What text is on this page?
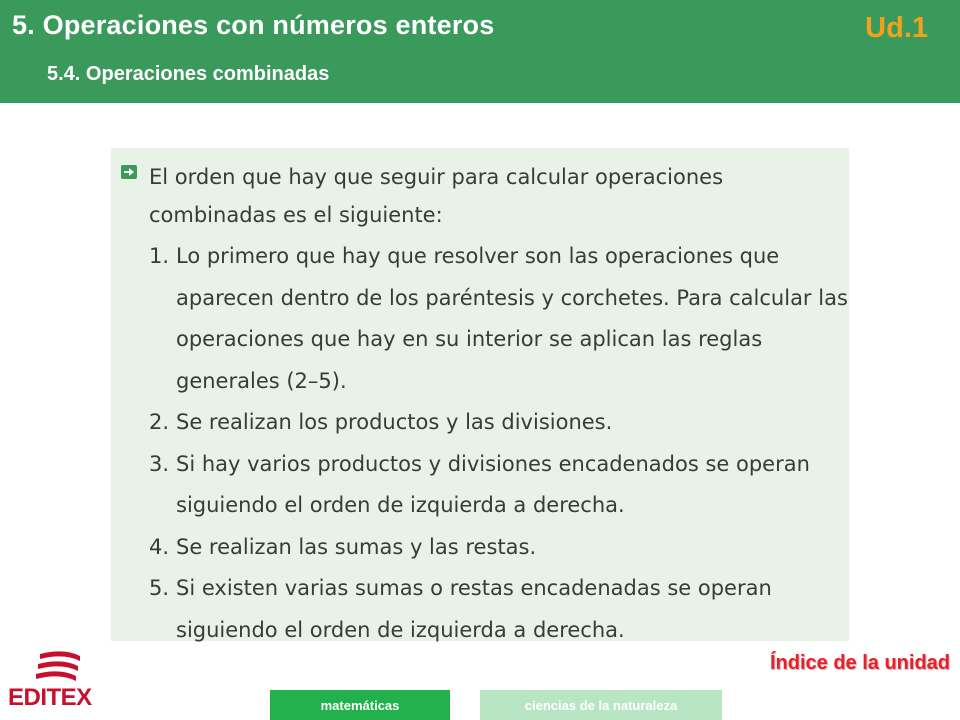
5. Operaciones con números enteros
5.4. Operaciones combinadas
Ud.1

El orden que hay que seguir para calcular operaciones combinadas es el siguiente:

1. Lo primero que hay que resolver son las operaciones que aparecen dentro de los paréntesis y corchetes. Para calcular las operaciones que hay en su interior se aplican las reglas generales (2–5).
2. Se realizan los productos y las divisiones.
3. Si hay varios productos y divisiones encadenados se operan siguiendo el orden de izquierda a derecha.
4. Se realizan las sumas y las restas.
5. Si existen varias sumas o restas encadenadas se operan siguiendo el orden de izquierda a derecha.
EDITEX
Índice de la unidad
matemáticas	ciencias de la naturaleza
